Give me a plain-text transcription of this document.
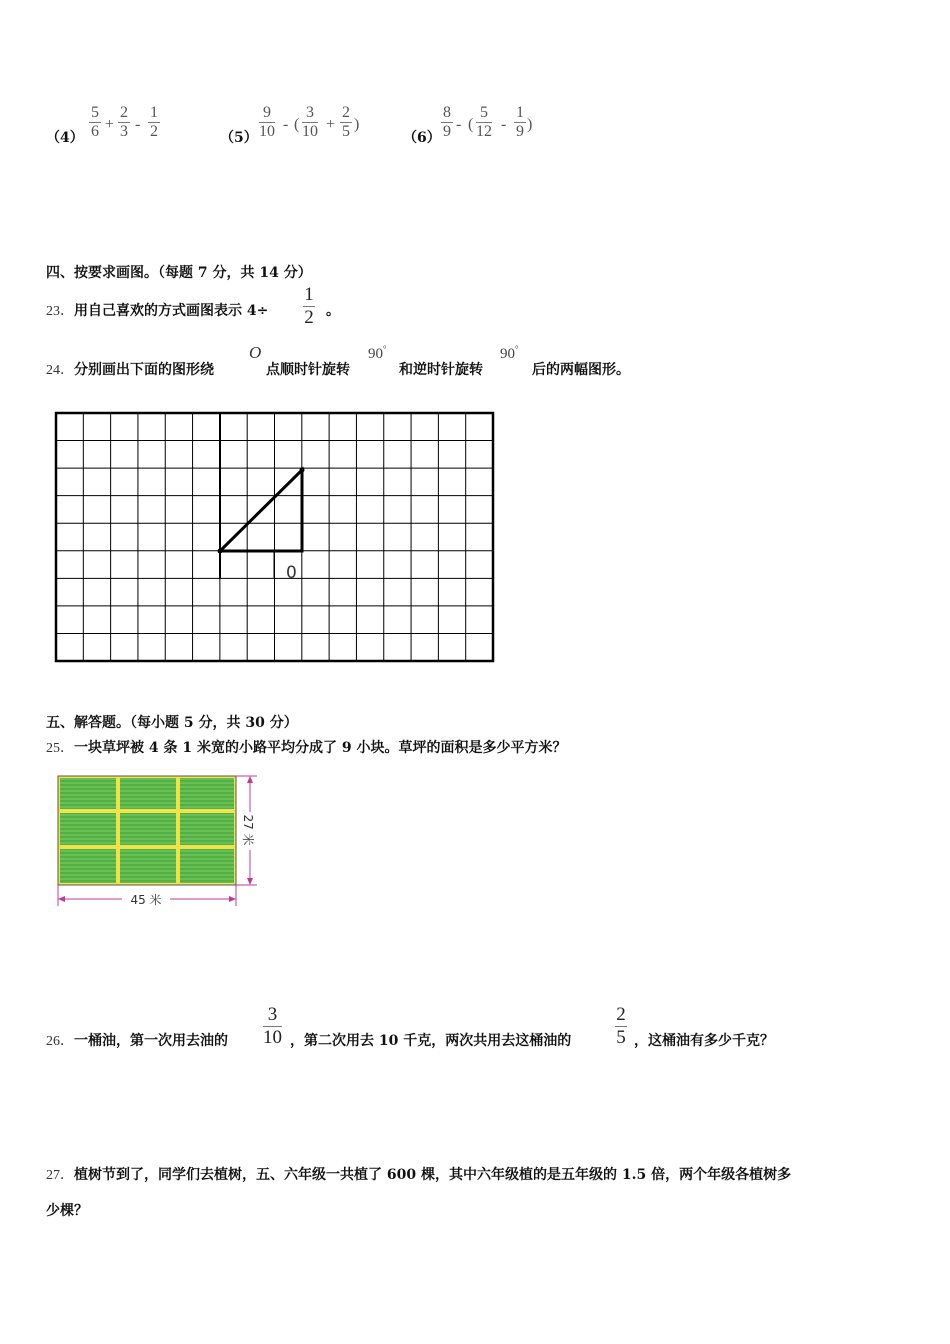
（4）
5
6 +
2
3 -
1
2	（5）
9
10 - (
3
10 +
2
5 )
（6）
8
9 - (
5
12 -
1
9 )
四、按要求画图。（每题 7 分，共 14 分）
23．用自己喜欢的方式画图表示 4÷
1
2 。
24．分别画出下面的图形绕
O
点顺时针旋转
90°
和逆时针旋转
90°
后的两幅图形。
0
五、解答题。（每小题 5 分，共 30 分）
25．一块草坪被 4 条 1 米宽的小路平均分成了 9 小块。草坪的面积是多少平方米？
27 米
45 米
26．一桶油，第一次用去油的
3
10 ，第二次用去 10 千克，两次共用去这桶油的
2
5 ，这桶油有多少千克？
27．植树节到了，同学们去植树，五、六年级一共植了 600 棵，其中六年级植的是五年级的 1.5 倍，两个年级各植树多
少棵？
